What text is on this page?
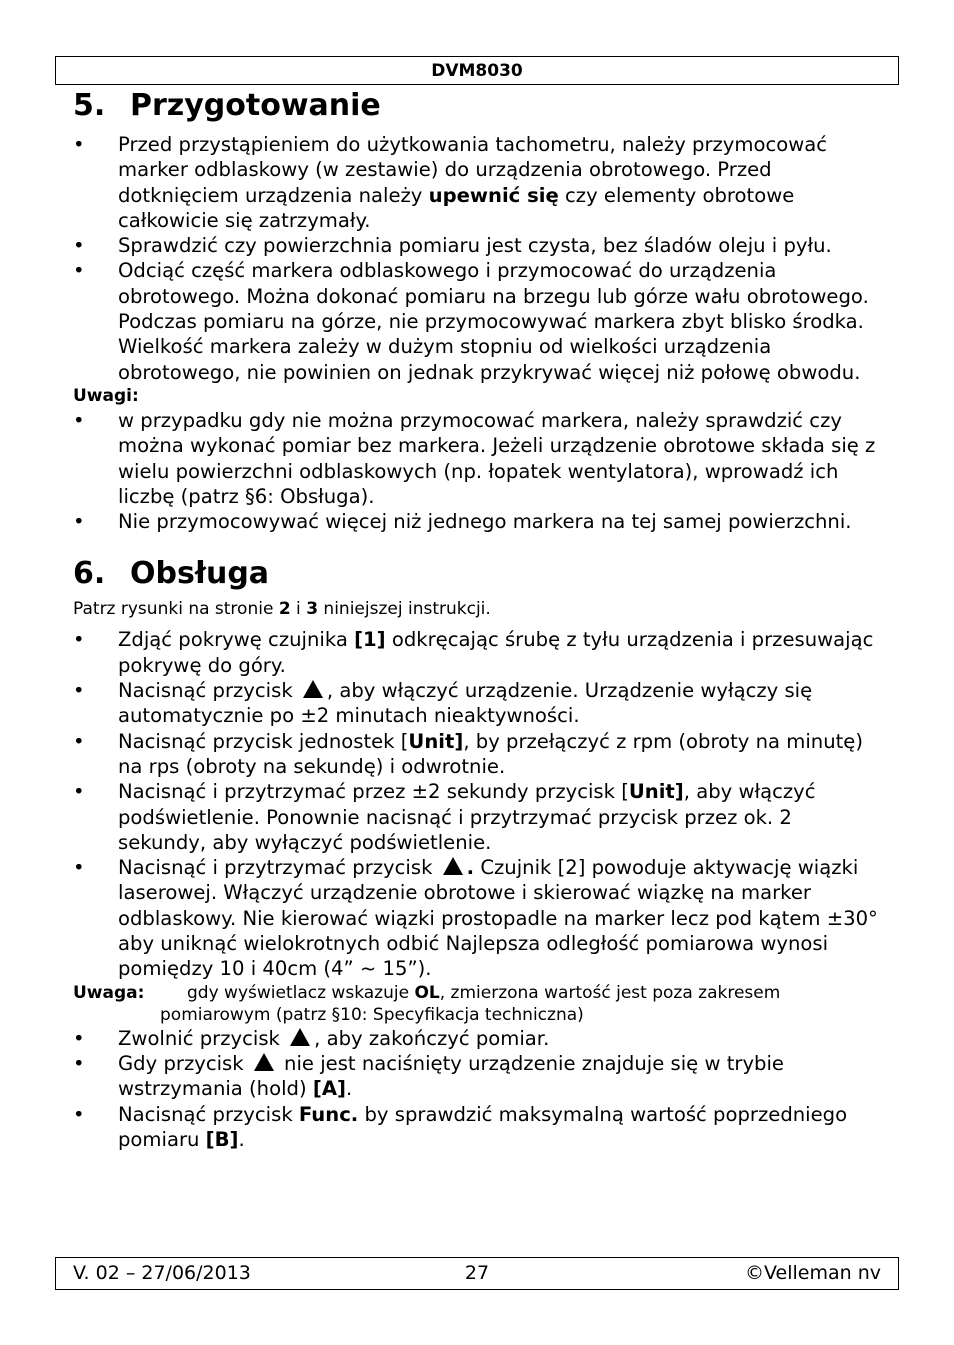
DVM8030
5. Przygotowanie
• Przed przystąpieniem do użytkowania tachometru, należy przymocować marker odblaskowy (w zestawie) do urządzenia obrotowego. Przed dotknięciem urządzenia należy upewnić się czy elementy obrotowe całkowicie się zatrzymały.
• Sprawdzić czy powierzchnia pomiaru jest czysta, bez śladów oleju i pyłu.
• Odciąć część markera odblaskowego i przymocować do urządzenia obrotowego. Można dokonać pomiaru na brzegu lub górze wału obrotowego. Podczas pomiaru na górze, nie przymocowywać markera zbyt blisko środka. Wielkość markera zależy w dużym stopniu od wielkości urządzenia obrotowego, nie powinien on jednak przykrywać więcej niż połowę obwodu.
Uwagi:
• w przypadku gdy nie można przymocować markera, należy sprawdzić czy można wykonać pomiar bez markera. Jeżeli urządzenie obrotowe składa się z wielu powierzchni odblaskowych (np. łopatek wentylatora), wprowadź ich liczbę (patrz §6: Obsługa).
• Nie przymocowywać więcej niż jednego markera na tej samej powierzchni.
6. Obsługa

Patrz rysunki na stronie 2 i 3 niniejszej instrukcji.

• Zdjąć pokrywę czujnika [1] odkręcając śrubę z tyłu urządzenia i przesuwając pokrywę do góry.
• Nacisnąć przycisk , aby włączyć urządzenie. Urządzenie wyłączy się automatycznie po ±2 minutach nieaktywności.
• Nacisnąć przycisk jednostek [Unit], by przełączyć z rpm (obroty na minutę) na rps (obroty na sekundę) i odwrotnie.
• Nacisnąć i przytrzymać przez ±2 sekundy przycisk [Unit], aby włączyć podświetlenie. Ponownie nacisnąć i przytrzymać przycisk przez ok. 2 sekundy, aby wyłączyć podświetlenie.
• Nacisnąć i przytrzymać przycisk . Czujnik [2] powoduje aktywację wiązki laserowej. Włączyć urządzenie obrotowe i skierować wiązkę na marker odblaskowy. Nie kierować wiązki prostopadle na marker lecz pod kątem ±30° aby uniknąć wielokrotnych odbić Najlepsza odległość pomiarowa wynosi pomiędzy 10 i 40cm (4” ~ 15”).
Uwaga:	gdy wyświetlacz wskazuje OL, zmierzona wartość jest poza zakresem
pomiarowym (patrz §10: Specyfikacja techniczna)
• Zwolnić przycisk , aby zakończyć pomiar.
• Gdy przycisk  nie jest naciśnięty urządzenie znajduje się w trybie wstrzymania (hold) [A].
• Nacisnąć przycisk Func. by sprawdzić maksymalną wartość poprzedniego pomiaru [B].
27
V. 02 – 27/06/2013	©Velleman nv
